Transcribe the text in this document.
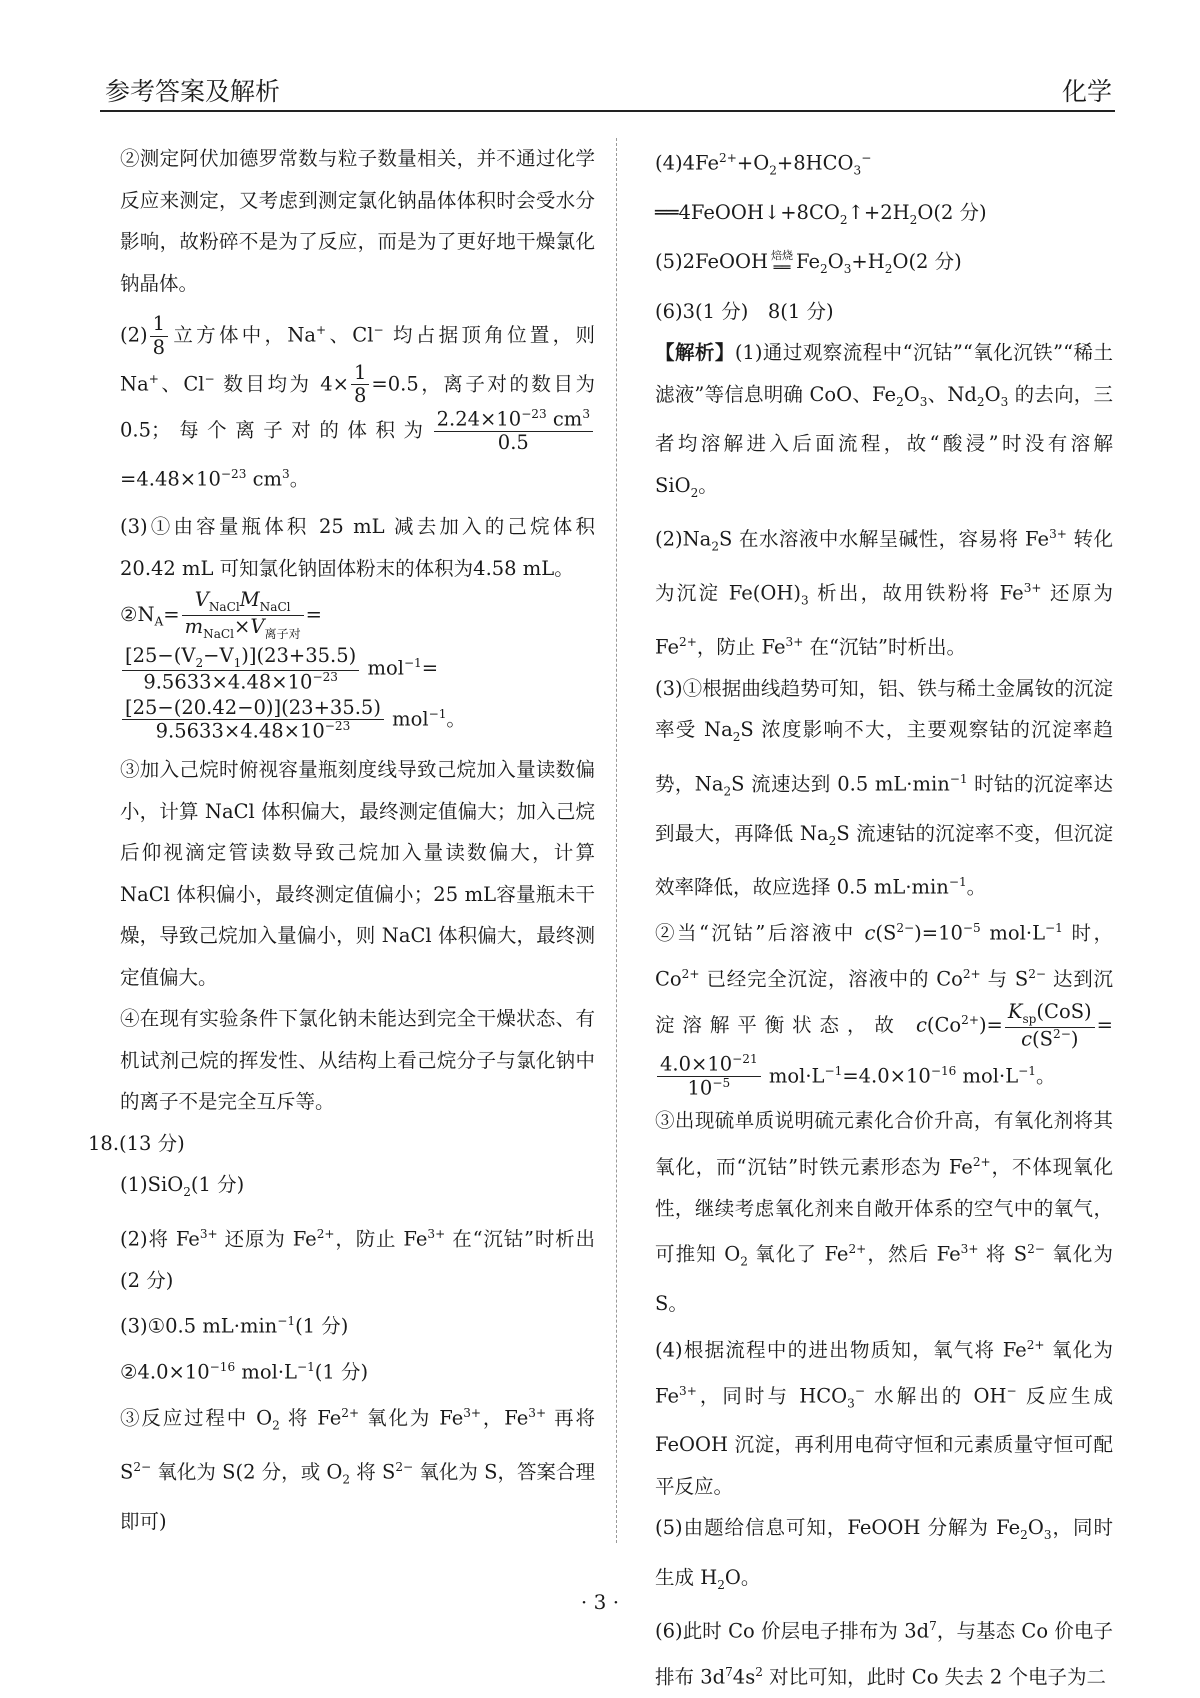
参考答案及解析	化学

②测定阿伏加德罗常数与粒子数量相关，并不通过化学反应来测定，又考虑到测定氯化钠晶体体积时会受水分影响，故粉碎不是为了反应，而是为了更好地干燥氯化钠晶体。

$(2) \frac{1}{8}$ 立方体中，Na+、Cl− 均占据顶角位置，则Na+、Cl− 数目均为 $4\times \frac{1}{8} =0.5$，离子对的数目为0.5；每个离子对的体积为 $\frac{2.24\times 10^{-23} cm^3}{0.5}$
$=4.48\times 10^{-23}$ $cm^3$。

(3)①由容量瓶体积 25 mL 减去加入的己烷体积 20.42 mL 可知氯化钠固体粉末的体积为4.58 mL。

$②N_A= \frac{V_{NaCl}M_{NaCl}}{m_{NaCl}\times V_{离子对}}$ =

$\frac{[25-(V_2-V_1)](23+35.5)}{9.5633\times 4.48\times 10^{-23}} mol^{-1}=$

$\frac{[25-(20.42-0)](23+35.5)}{9.5633\times 4.48\times 10^{-23}} mol^{-1}$。

③加入己烷时俯视容量瓶刻度线导致己烷加入量读数偏小，计算 NaCl 体积偏大，最终测定值偏大；加入己烷后仰视滴定管读数导致己烷加入量读数偏大，计算 NaCl 体积偏小，最终测定值偏小；25 mL容量瓶未干燥，导致己烷加入量偏小，则 NaCl 体积偏大，最终测定值偏大。

④在现有实验条件下氯化钠未能达到完全干燥状态、有机试剂己烷的挥发性、从结构上看己烷分子与氯化钠中的离子不是完全互斥等。

18.(13 分)

(1)SiO$_2$(1 分)

(2)将 $Fe^{3+}$ 还原为 $Fe^{2+}$，防止 $Fe^{3+}$ 在“沉钴”时析出(2 分)

(3)①0.5 $mL\cdot\min^{-1}(1$ 分)

$②4.0\times 10^{-16}$ $mol\cdot L^{-1}(1$ 分)

③反应过程中 $O_2$ 将 $Fe^{2+}$ 氧化为 $Fe^{3+}$，$Fe^{3+}$ 再将 $S^{2-}$ 氧化为 S(2 分，或 $O_2$ 将 $S^{2-}$ 氧化为 S，答案合理即可)

$(4)4Fe^{2+}+O_2+8HCO_3^-$ $══4FeOOH↓+8CO_2↑+2H_2O(2$ 分)

(5)2FeOOH 焙烧
══ $Fe_2O_3+H_2O(2$ 分)

(6)3(1 分)　8(1 分)

【解析】(1)通过观察流程中“沉钴”“氧化沉铁”“稀土滤液”等信息明确 CoO、$Fe_2O_3$、$Nd_2O_3$ 的去向，三者均溶解进入后面流程，故“酸浸”时没有溶解 SiO$_2$。

$(2)Na_2S$ 在水溶液中水解呈碱性，容易将 $Fe^{3+}$ 转化为沉淀 $Fe(OH)_3$ 析出，故用铁粉将 $Fe^{3+}$ 还原为 $Fe^{2+}$，防止 $Fe^{3+}$ 在“沉钴”时析出。

(3)①根据曲线趋势可知，铝、铁与稀土金属钕的沉淀率受 $Na_2S$ 浓度影响不大，主要观察钴的沉淀率趋势，$Na_2S$ 流速达到 0.5 $mL\cdot\min^{-1}$ 时钴的沉淀率达到最大，再降低 $Na_2S$ 流速钴的沉淀率不变，但沉淀效率降低，故应选择 0.5 $mL\cdot\min^{-1}$。

②当“沉钴”后溶液中 $c(S^{2-})=10^{-5}$ $mol\cdot L^{-1}$ 时，$Co^{2+}$ 已经完全沉淀，溶液中的 $Co^{2+}$ 与 $S^{2-}$ 达到沉淀溶解平衡状态，故 $c(Co^{2+})= \frac{K_{sp}(CoS)}{c(S^{2-})}$ =
$\frac{4.0\times 10^{-21}}{10^{-5}} mol\cdot L^{-1}=4.0\times 10^{-16}$ $mol\cdot L^{-1}$。

③出现硫单质说明硫元素化合价升高，有氧化剂将其氧化，而“沉钴”时铁元素形态为 $Fe^{2+}$，不体现氧化性，继续考虑氧化剂来自敞开体系的空气中的氧气，可推知 $O_2$ 氧化了 $Fe^{2+}$，然后 $Fe^{3+}$ 将 $S^{2-}$ 氧化为 S。

(4)根据流程中的进出物质知，氧气将 $Fe^{2+}$ 氧化为 $Fe^{3+}$，同时与 $HCO_3^-$ 水解出的 OH− 反应生成 FeOOH 沉淀，再利用电荷守恒和元素质量守恒可配平反应。

(5)由题给信息可知，FeOOH 分解为 $Fe_2O_3$，同时生成 $H_2O$。

(6)此时 Co 价层电子排布为 $3d^7$，与基态 Co 价电子排布 $3d^74s^2$ 对比可知，此时 Co 失去 2 个电子为二

· 3 ·
